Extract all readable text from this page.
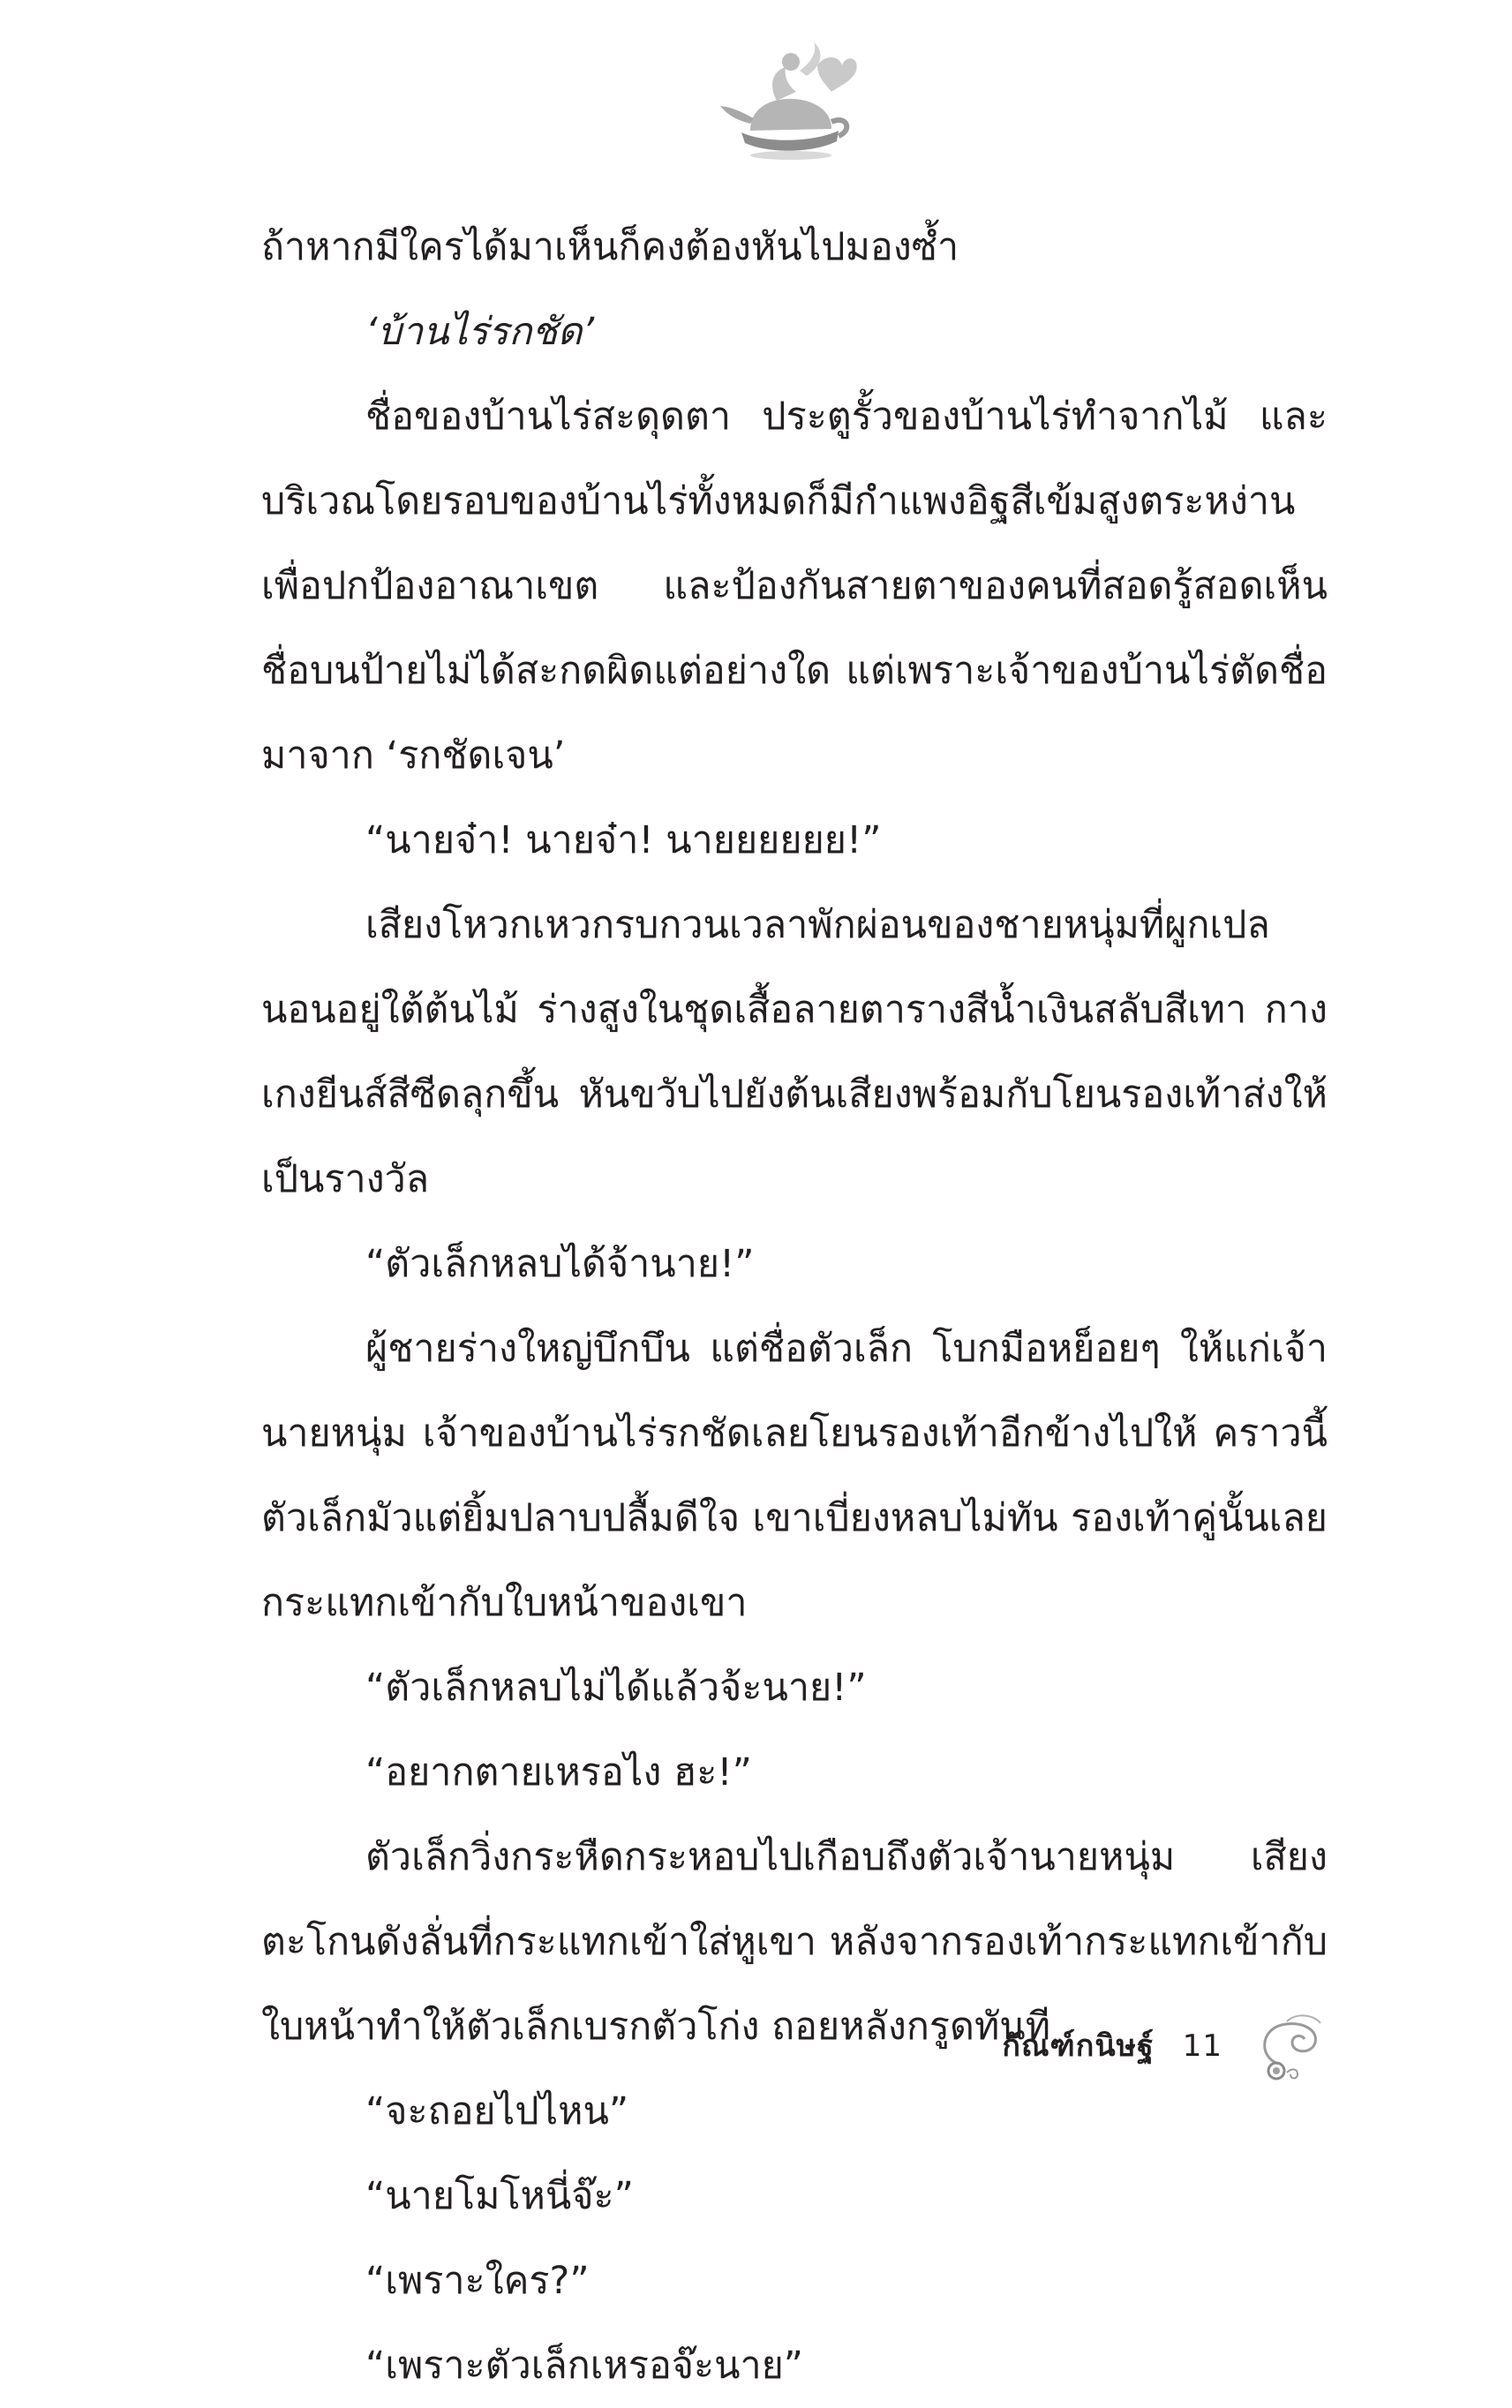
ถ้าหากมีใครได้มาเห็นก็คงต้องหันไปมองซ้ำ

‘บ้านไร่รกชัด’

ชื่อของบ้านไร่สะดุดตา ประตูรั้วของบ้านไร่ทำจากไม้ และบริเวณโดยรอบของบ้านไร่ทั้งหมดก็มีกำแพงอิฐสีเข้มสูงตระหง่านเพื่อปกป้องอาณาเขต และป้องกันสายตาของคนที่สอดรู้สอดเห็น ชื่อบนป้ายไม่ได้สะกดผิดแต่อย่างใด แต่เพราะเจ้าของบ้านไร่ตัดชื่อมาจาก ‘รกชัดเจน’

“นายจ๋า! นายจ๋า! นายยยยยย!”

เสียงโหวกเหวกรบกวนเวลาพักผ่อนของชายหนุ่มที่ผูกเปลนอนอยู่ใต้ต้นไม้ ร่างสูงในชุดเสื้อลายตารางสีน้ำเงินสลับสีเทา กางเกงยีนส์สีซีดลุกขึ้น หันขวับไปยังต้นเสียงพร้อมกับโยนรองเท้าส่งให้เป็นรางวัล

“ตัวเล็กหลบได้จ้านาย!”

ผู้ชายร่างใหญ่บึกบึน แต่ชื่อตัวเล็ก โบกมือหย็อยๆ ให้แก่เจ้านายหนุ่ม เจ้าของบ้านไร่รกชัดเลยโยนรองเท้าอีกข้างไปให้ คราวนี้ตัวเล็กมัวแต่ยิ้มปลาบปลื้มดีใจ เขาเบี่ยงหลบไม่ทัน รองเท้าคู่นั้นเลยกระแทกเข้ากับใบหน้าของเขา

“ตัวเล็กหลบไม่ได้แล้วจ้ะนาย!”

“อยากตายเหรอไง ฮะ!”

ตัวเล็กวิ่งกระหืดกระหอบไปเกือบถึงตัวเจ้านายหนุ่ม เสียงตะโกนดังลั่นที่กระแทกเข้าใส่หูเขา หลังจากรองเท้ากระแทกเข้ากับใบหน้าทำให้ตัวเล็กเบรกตัวโก่ง ถอยหลังกรูดทันที

“จะถอยไปไหน”

“นายโมโหนี่จ๊ะ”

“เพราะใคร?”

“เพราะตัวเล็กเหรอจ๊ะนาย”

กัณฑ์กนิษฐ์ 11
